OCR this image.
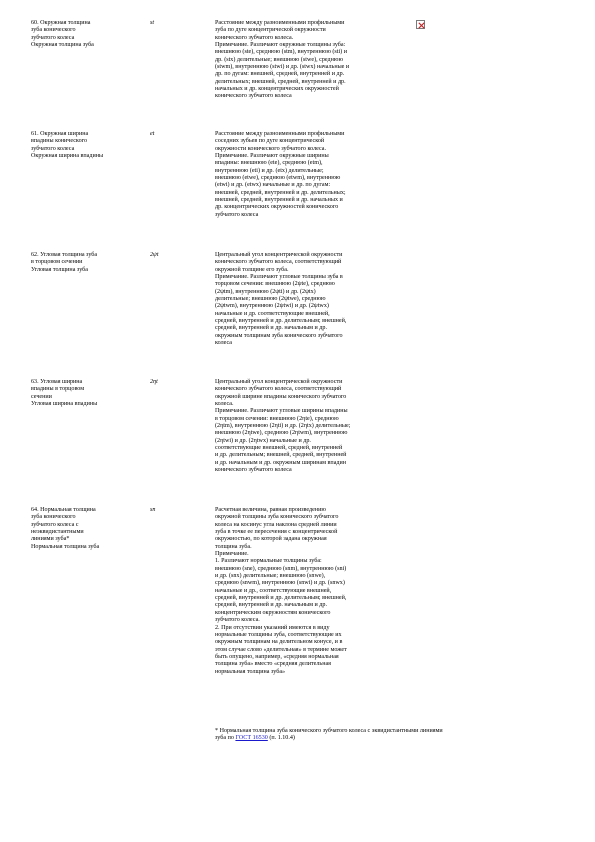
60. Окружная толщина
зуба конического
зубчатого колеса
Окружная толщина зуба
st	Расстояние между разноименными профильными
зуба по дуге концентрической окружности
конического зубчатого колеса.
Примечание. Различают окружные толщины зуба:
внешнюю (ste), среднюю (stm), внутреннюю (sti) и
др. (stx) делительные; внешнюю (stwe), среднюю
(stwm), внутреннюю (stwi) и др. (stwx) начальные и
др. по дугам: внешней, средней, внутренней и др.
делительных; внешней, средней, внутренней и др.
начальных и др. концентрических окружностей
конического зубчатого колеса
61. Окружная ширина
впадины конического
зубчатого колеса
Окружная ширина впадины
et	Расстояние между разноименными профильными
соседних зубьев по дуге концентрической
окружности конического зубчатого колеса.
Примечание. Различают окружные ширины
впадины: внешнюю (ete), среднюю (etm),
внутреннюю (eti) и др. (etx) делительные;
внешнюю (etwe), среднюю (etwm), внутреннюю
(etwi) и др. (etwx) начальные и др. по дугам:
внешней, средней, внутренней и др. делительных;
внешней, средней, внутренней и др. начальных и
др. концентрических окружностей конического
зубчатого колеса
62. Угловая толщина зуба
в торцовом сечении
Угловая толщина зуба
2ψt	Центральный угол концентрической окружности
конического зубчатого колеса, соответствующий
окружной толщине его зуба.
Примечание. Различают угловые толщины зуба в
торцовом сечении: внешнюю (2ψte), среднюю
(2ψtm), внутреннюю (2ψti) и др. (2ψtx)
делительные; внешнюю (2ψtwe), среднюю
(2ψtwm), внутреннюю (2ψtwi) и др. (2ψtwx)
начальные и др. соответствующие внешней,
средней, внутренней и др. делительным; внешней,
средней, внутренней и др. начальным и др.
окружным толщинам зуба конического зубчатого
колеса
63. Угловая ширина
впадины в торцовом
сечении
Угловая ширина впадины
2ηt	Центральный угол концентрической окружности
конического зубчатого колеса, соответствующий
окружной ширине впадины конического зубчатого
колеса.
Примечание. Различают угловые ширины впадины
в торцовом сечении: внешнюю (2ηte), среднюю
(2ηtm), внутреннюю (2ηti) и др. (2ηtx) делительные;
внешнюю (2ηtwe), среднюю (2ηtwm), внутреннюю
(2ηtwi) и др. (2ηtwx) начальные и др.
соответствующие внешней, средней, внутренней
и др. делительным; внешней, средней, внутренней
и др. начальным и др. окружным ширинам впадин
конического зубчатого колеса
64. Нормальная толщина
зуба конического
зубчатого колеса с
неэквидистантными
линиями зуба*
Нормальная толщина зуба
sn	Расчетная величина, равная произведению
окружной толщины зуба конического зубчатого
колеса на косинус угла наклона средней линии
зуба в точке ее пересечения с концентрической
окружностью, по которой задана окружная
толщина зуба.
Примечание.
1. Различают нормальные толщины зуба:
внешнюю (sne), среднюю (snm), внутреннюю (sni)
и др. (snx) делительные; внешнюю (snwe),
среднюю (snwm), внутреннюю (snwi) и др. (snwx)
начальные и др., соответствующие внешней,
средней, внутренней и др. делительным; внешней,
средней, внутренней и др. начальным и др.
концентрическим окружностям конического
зубчатого колеса.
2. При отсутствии указаний имеются в виду
нормальные толщины зуба, соответствующие их
окружным толщинам на делительном конусе, и в
этом случае слово «делительная» в термине может
быть опущено, например, «средняя нормальная
толщина зуба» вместо «средняя делительная
нормальная толщина зуба»
* Нормальная толщина зуба конического зубчатого колеса с эквидистантными линиями
зуба по ГОСТ 16530 (п. 1.10.4)
